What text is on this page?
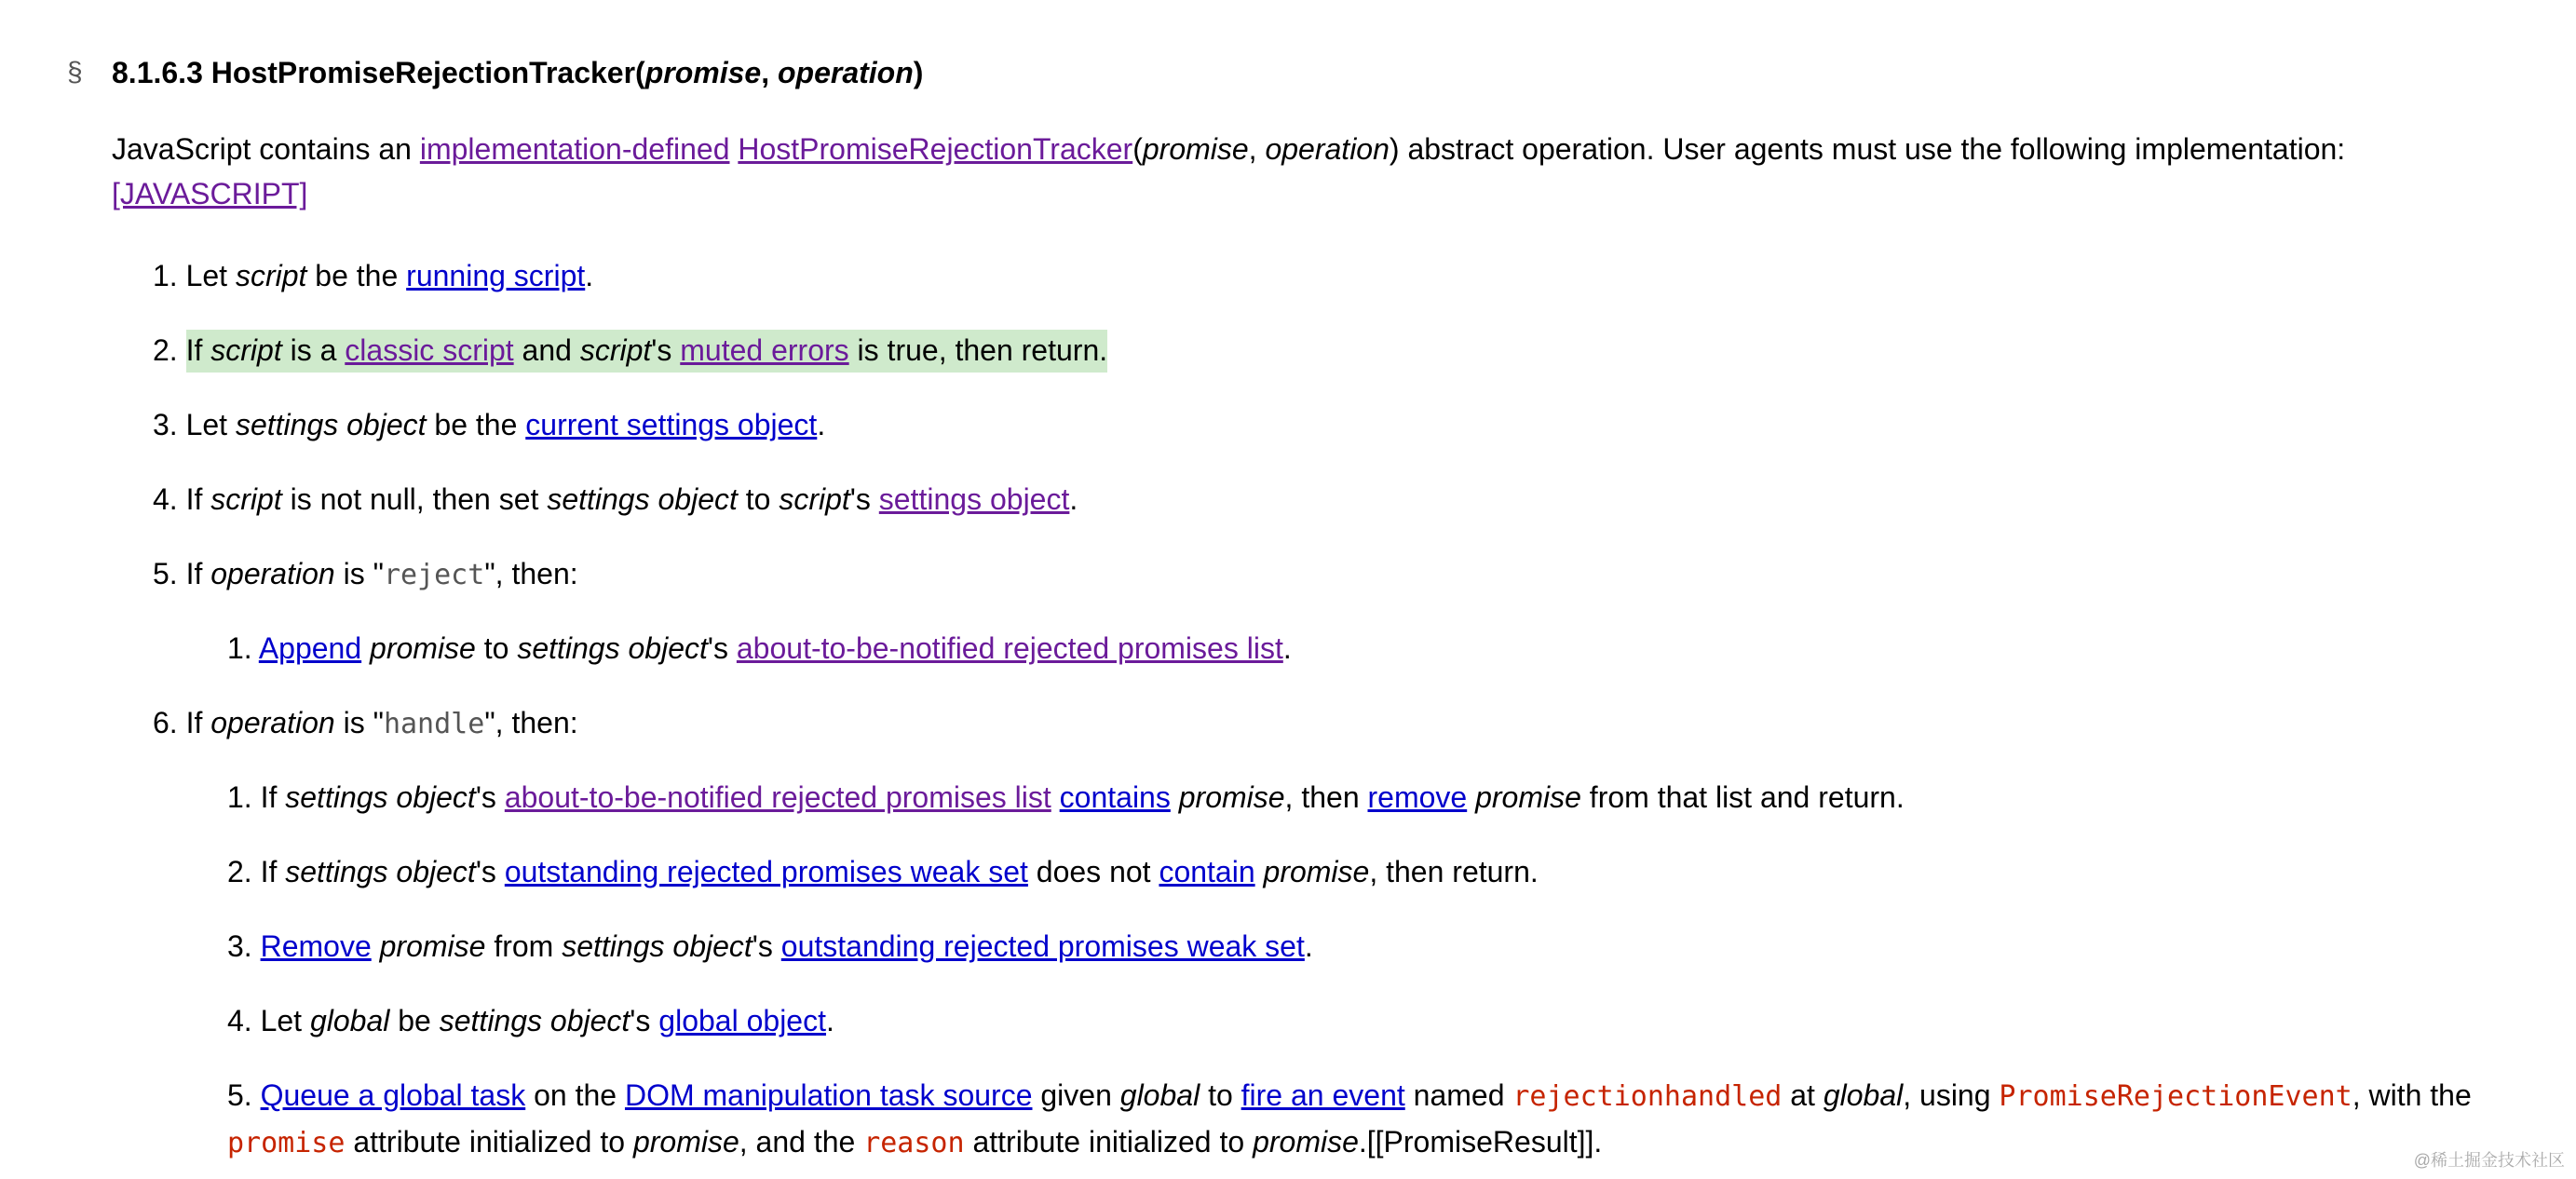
§ 8.1.6.3 HostPromiseRejectionTracker(promise, operation)
JavaScript contains an implementation-defined HostPromiseRejectionTracker(promise, operation) abstract operation. User agents must use the following implementation:
[JAVASCRIPT]
1. Let script be the running script.
2. If script is a classic script and script's muted errors is true, then return.
3. Let settings object be the current settings object.
4. If script is not null, then set settings object to script's settings object.
5. If operation is "reject", then:
1. Append promise to settings object's about-to-be-notified rejected promises list.
6. If operation is "handle", then:
1. If settings object's about-to-be-notified rejected promises list contains promise, then remove promise from that list and return.
2. If settings object's outstanding rejected promises weak set does not contain promise, then return.
3. Remove promise from settings object's outstanding rejected promises weak set.
4. Let global be settings object's global object.
5. Queue a global task on the DOM manipulation task source given global to fire an event named rejectionhandled at global, using PromiseRejectionEvent, with the promise attribute initialized to promise, and the reason attribute initialized to promise.[[PromiseResult]].
@稀土掘金技术社区
